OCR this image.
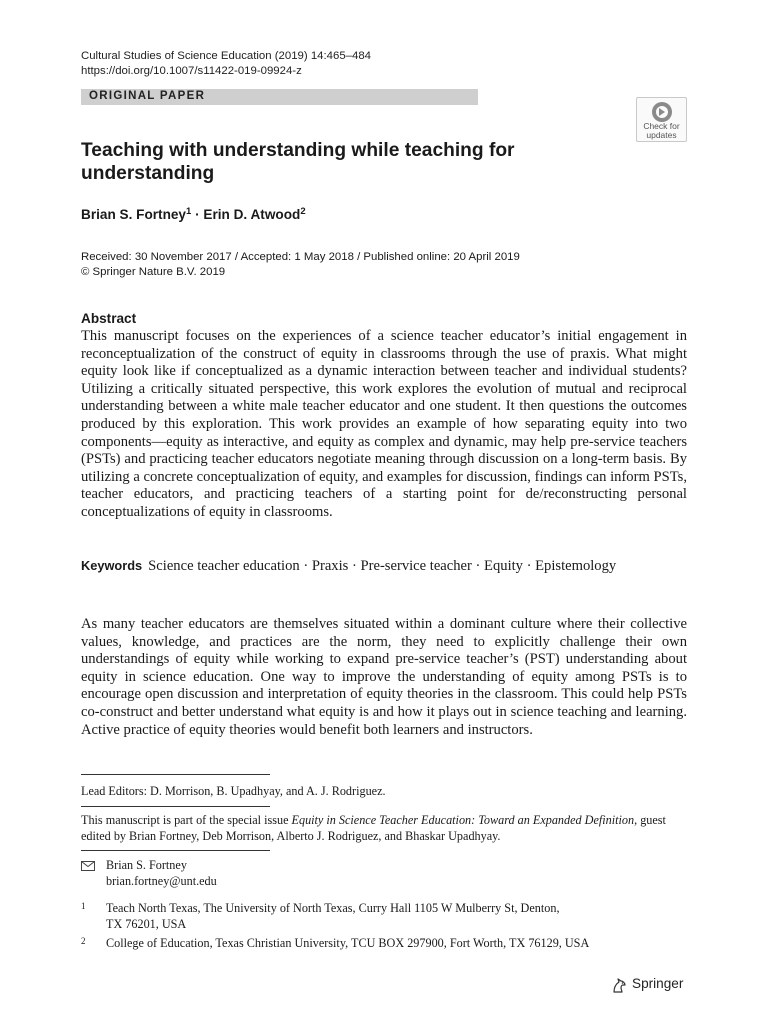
Cultural Studies of Science Education (2019) 14:465–484
https://doi.org/10.1007/s11422-019-09924-z
ORIGINAL PAPER
Check for
updates
Teaching with understanding while teaching for understanding
Brian S. Fortney$^1$ · Erin D. Atwood$^2$
Received: 30 November 2017 / Accepted: 1 May 2018 / Published online: 20 April 2019
© Springer Nature B.V. 2019
Abstract
This manuscript focuses on the experiences of a science teacher educator’s initial engagement in reconceptualization of the construct of equity in classrooms through the use of praxis. What might equity look like if conceptualized as a dynamic interaction between teacher and individual students? Utilizing a critically situated perspective, this work explores the evolution of mutual and reciprocal understanding between a white male teacher educator and one student. It then questions the outcomes produced by this exploration. This work provides an example of how separating equity into two components—equity as interactive, and equity as complex and dynamic, may help pre-service teachers (PSTs) and practicing teacher educators negotiate meaning through discussion on a long-term basis. By utilizing a concrete conceptualization of equity, and examples for discussion, findings can inform PSTs, teacher educators, and practicing teachers of a starting point for de/reconstructing personal conceptualizations of equity in classrooms.
Keywords Science teacher education · Praxis · Pre-service teacher · Equity · Epistemology
As many teacher educators are themselves situated within a dominant culture where their collective values, knowledge, and practices are the norm, they need to explicitly challenge their own understandings of equity while working to expand pre-service teacher’s (PST) understanding about equity in science education. One way to improve the understanding of equity among PSTs is to encourage open discussion and interpretation of equity theories in the classroom. This could help PSTs co-construct and better understand what equity is and how it plays out in science teaching and learning. Active practice of equity theories would benefit both learners and instructors.
Lead Editors: D. Morrison, B. Upadhyay, and A. J. Rodriguez.
This manuscript is part of the special issue Equity in Science Teacher Education: Toward an Expanded Definition, guest edited by Brian Fortney, Deb Morrison, Alberto J. Rodriguez, and Bhaskar Upadhyay.
Brian S. Fortney
brian.fortney@unt.edu
1 Teach North Texas, The University of North Texas, Curry Hall 1105 W Mulberry St, Denton,
TX 76201, USA
2 College of Education, Texas Christian University, TCU BOX 297900, Fort Worth, TX 76129, USA
Springer
